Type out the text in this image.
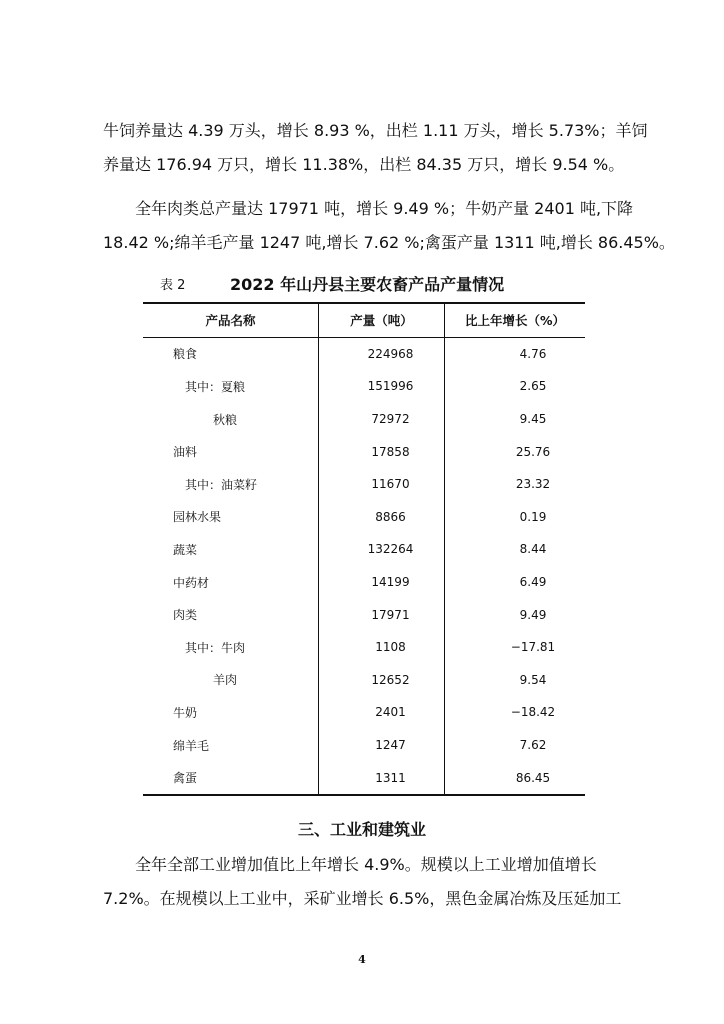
牛饲养量达 4.39 万头，增长 8.93 %，出栏 1.11 万头，增长 5.73%；羊饲
养量达 176.94 万只，增长 11.38%，出栏 84.35 万只，增长 9.54 %。
全年肉类总产量达 17971 吨，增长 9.49 %；牛奶产量 2401 吨,下降
18.42 %;绵羊毛产量 1247 吨,增长 7.62 %;禽蛋产量 1311 吨,增长 86.45%。
表 2	2022 年山丹县主要农畜产品产量情况
产品名称	产量（吨）	比上年增长（%）
粮食	224968	4.76
其中：夏粮	151996	2.65
秋粮	72972	9.45
油料	17858	25.76
其中：油菜籽	11670	23.32
园林水果	8866	0.19
蔬菜	132264	8.44
中药材	14199	6.49
肉类	17971	9.49
其中：牛肉	1108	−17.81
羊肉	12652	9.54
牛奶	2401	−18.42
绵羊毛	1247	7.62
禽蛋	1311	86.45
三、工业和建筑业
全年全部工业增加值比上年增长 4.9%。规模以上工业增加值增长
7.2%。在规模以上工业中，采矿业增长 6.5%，黑色金属冶炼及压延加工
4
